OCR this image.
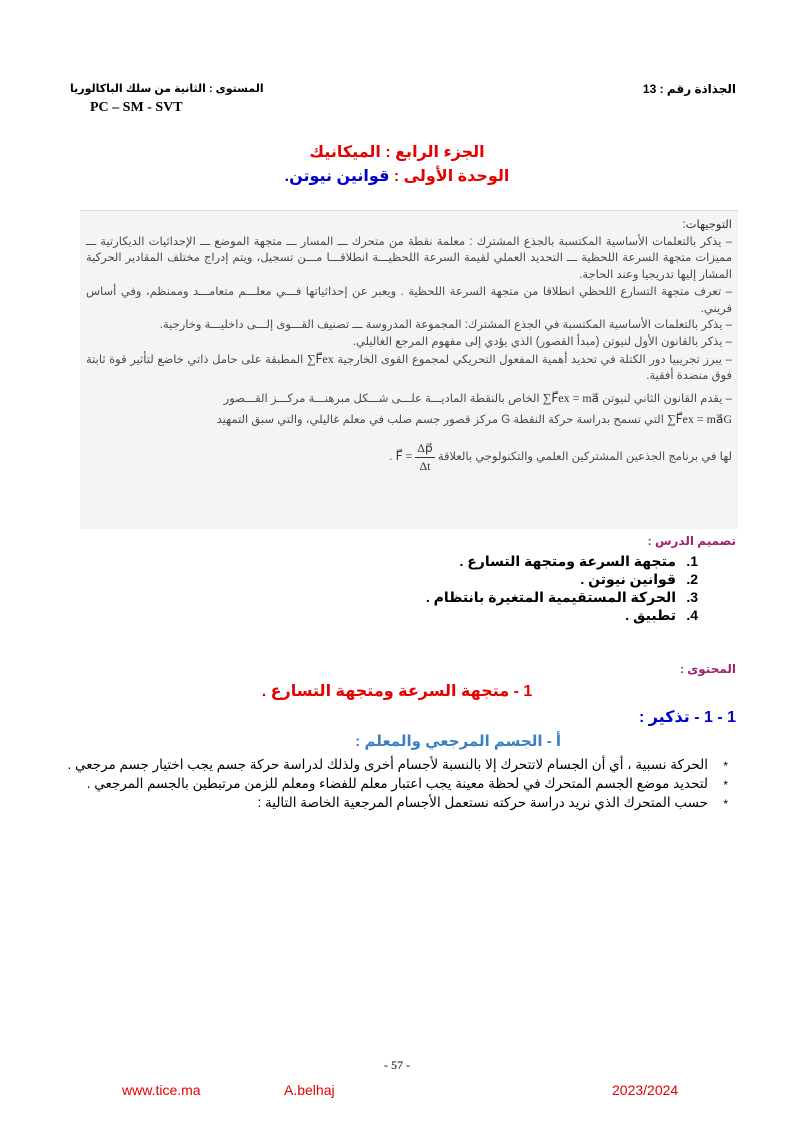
الجذاذة رقم : 13
المستوى : الثانية من سلك الباكالوريا
PC – SM - SVT
الجزء الرابع : الميكانيك
الوحدة الأولى : قوانين نيوتن.

التوجيهات:

– يذكر بالتعلمات الأساسية المكتسبة بالجذع المشترك : معلمة نقطة من متحرك ـــ المسار ـــ متجهة الموضع ـــ الإحداثيات الديكارتية ـــ مميزات متجهة السرعة اللحظية ـــ التحديد العملي لقيمة السرعة اللحظيـــة انطلاقـــا مـــن تسجيل، ويتم إدراج مختلف المقادير الحركية المشار إليها تدريجيا وعند الحاجة.

– تعرف متجهة التسارع اللحظي انطلاقا من متجهة السرعة اللحظية . ويعبر عن إحداثياتها فـــي معلـــم متعامـــد وممنظم، وفي أساس فريني.

– يذكر بالتعلمات الأساسية المكتسبة في الجذع المشترك: المجموعة المدروسة ـــ تصنيف القـــوى إلـــى داخليـــة وخارجية.

– يذكر بالقانون الأول لنيوتن (مبدأ القصور) الذي يؤدي إلى مفهوم المرجع الغاليلي.

– يبرز تجريبيا دور الكتلة في تحديد أهمية المفعول التحريكي لمجموع القوى الخارجية ∑F⃗ex المطبقة على حامل ذاتي خاضع لتأثير قوة ثابتة فوق منضدة أفقية.

– يقدم القانون الثاني لنيوتن ∑F⃗ex = ma⃗ الخاص بالنقطة الماديـــة علـــى شـــكل مبرهنـــة مركـــز القـــصور

∑F⃗ex = ma⃗G التي تسمح بدراسة حركة النقطة G مركز قصور جسم صلب في معلم غاليلي، والتي سبق التمهيد

لها في برنامج الجذعين المشتركين العلمي والتكنولوجي بالعلاقة F⃗ = $\frac{\Delta p⃗}{\Delta t}$
.

تصميم الدرس :
1.متجهة السرعة ومتجهة التسارع .
2.قوانين نيوتن .
3.الحركة المستقيمية المتغيرة بانتظام .
4.تطبيق .
المحتوى :
1 - متجهة السرعة ومتجهة التسارع .
1 - 1 - تذكير :
أ - الجسم المرجعي والمعلم :
*
الحركة نسبية ، أي أن الجسام لاتتحرك إلا بالنسبة لأجسام أخرى ولذلك لدراسة حركة جسم يجب اختيار جسم مرجعي .
*
لتحديد موضع الجسم المتحرك في لحظة معينة يجب اعتبار معلم للفضاء ومعلم للزمن مرتبطين بالجسم المرجعي .
*
حسب المتحرك الذي نريد دراسة حركته نستعمل الأجسام المرجعية الخاصة التالية :
- 57 -
www.tice.ma	A.belhaj	2023/2024
